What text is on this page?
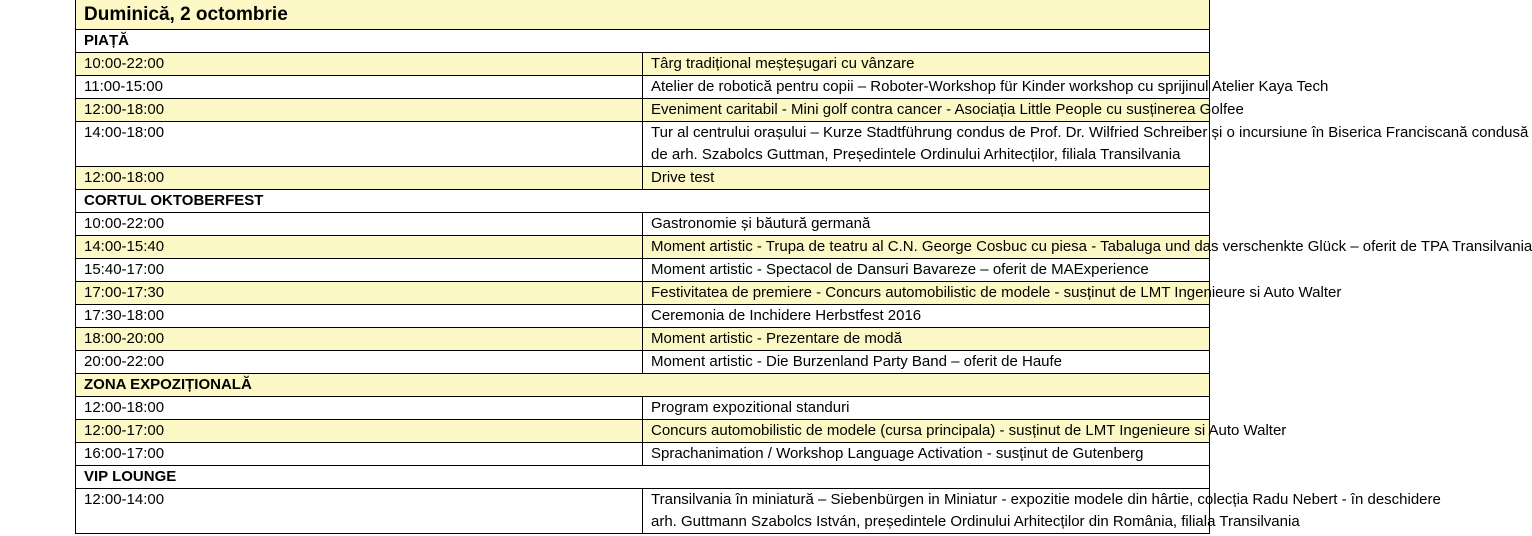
Duminică, 2 octombrie	
PIAȚĂ	
10:00-22:00	Târg tradițional meșteșugari cu vânzare
11:00-15:00	Atelier de robotică pentru copii – Roboter-Workshop für Kinder workshop cu sprijinul Atelier Kaya Tech
12:00-18:00	Eveniment caritabil - Mini golf contra cancer - Asociația Little People cu susținerea Golfee
14:00-18:00	Tur al centrului orașului – Kurze Stadtführung condus de Prof. Dr. Wilfried Schreiber și o incursiune în Biserica Franciscană condusă
de arh. Szabolcs Guttman, Președintele Ordinului Arhitecților, filiala Transilvania

12:00-18:00	Drive test
CORTUL OKTOBERFEST	
10:00-22:00	Gastronomie și băutură germană
14:00-15:40	Moment artistic - Trupa de teatru al C.N. George Cosbuc cu piesa - Tabaluga und das verschenkte Glück – oferit de TPA Transilvania
15:40-17:00	Moment artistic - Spectacol de Dansuri Bavareze – oferit de MAExperience
17:00-17:30	Festivitatea de premiere - Concurs automobilistic de modele - susținut de LMT Ingenieure si Auto Walter
17:30-18:00	Ceremonia de Inchidere Herbstfest 2016
18:00-20:00	Moment artistic - Prezentare de modă
20:00-22:00	Moment artistic - Die Burzenland Party Band – oferit de Haufe
ZONA EXPOZIȚIONALĂ	
12:00-18:00	Program expozitional standuri
12:00-17:00	Concurs automobilistic de modele (cursa principala) - susținut de LMT Ingenieure si Auto Walter
16:00-17:00	Sprachanimation / Workshop Language Activation - susținut de Gutenberg
VIP LOUNGE	
12:00-14:00	Transilvania în miniatură – Siebenbürgen in Miniatur - expozitie modele din hârtie, colecția Radu Nebert - în deschidere
arh. Guttmann Szabolcs István, președintele Ordinului Arhitecților din România, filiala Transilvania
